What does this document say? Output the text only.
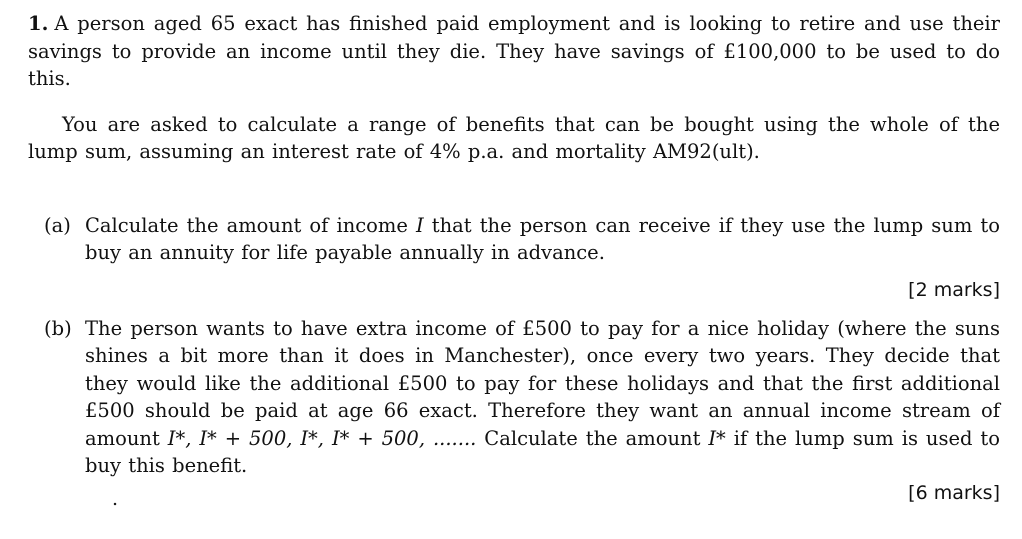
1. A person aged 65 exact has finished paid employment and is looking to retire and use their savings to provide an income until they die. They have savings of £100,000 to be used to do this.

You are asked to calculate a range of benefits that can be bought using the whole of the lump sum, assuming an interest rate of 4% p.a. and mortality AM92(ult).

(a) Calculate the amount of income I that the person can receive if they use the lump sum to buy an annuity for life payable annually in advance.

[2 marks]

(b) The person wants to have extra income of £500 to pay for a nice holiday (where the suns shines a bit more than it does in Manchester), once every two years. They decide that they would like the additional £500 to pay for these holidays and that the first additional £500 should be paid at age 66 exact. Therefore they want an annual income stream of amount I*, I* + 500, I*, I* + 500, ....... Calculate the amount I* if the lump sum is used to buy this benefit.

.	[6 marks]
